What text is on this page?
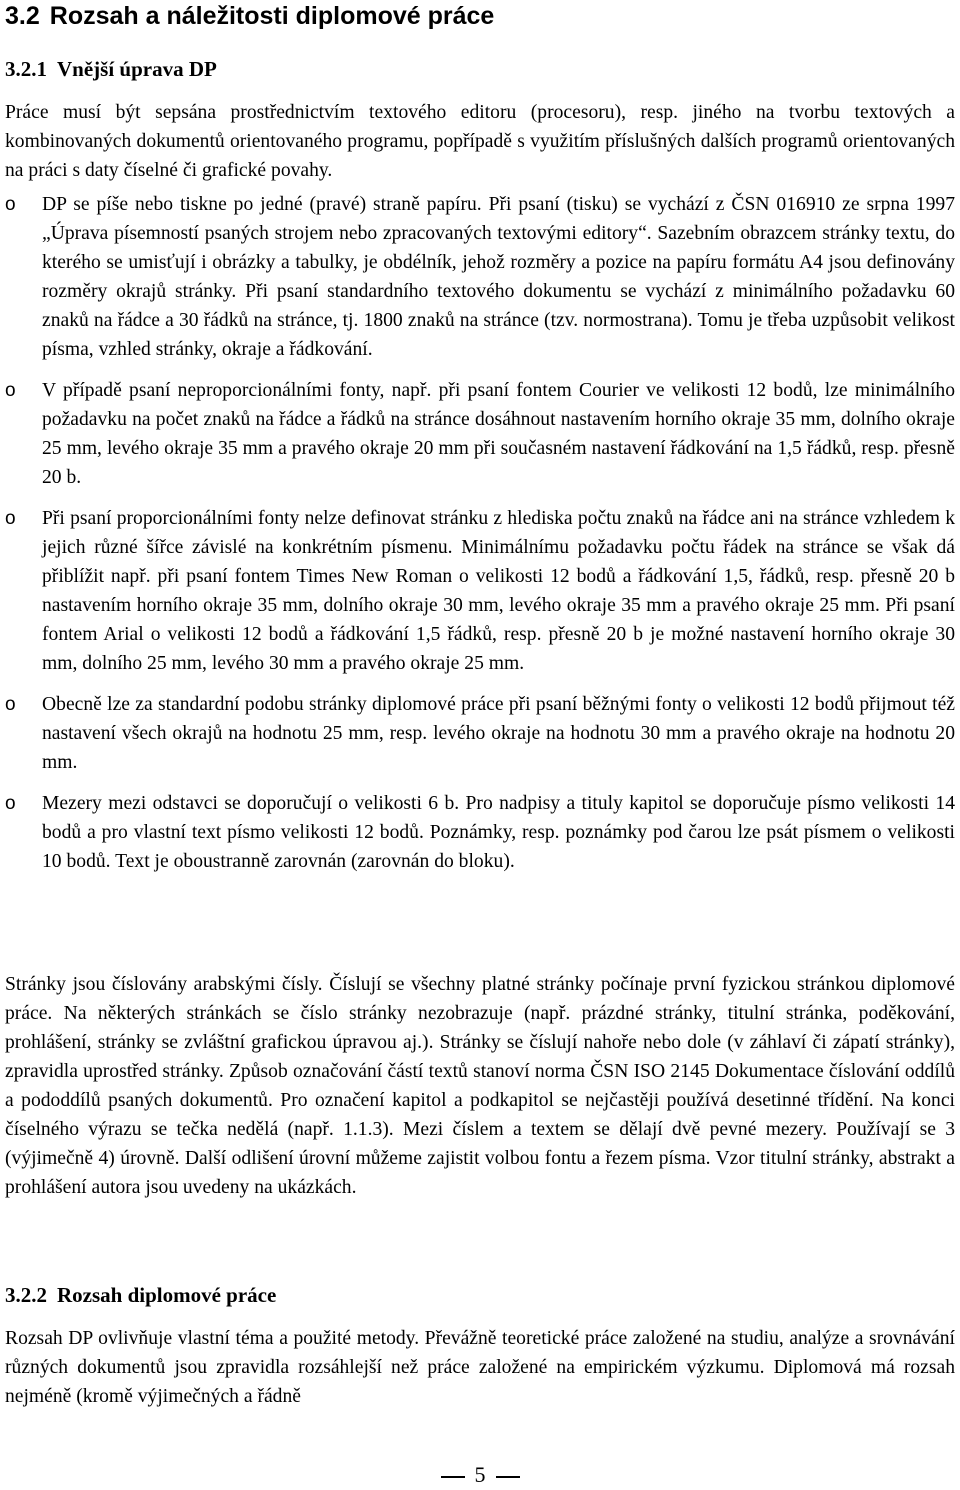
3.2 Rozsah a náležitosti diplomové práce
3.2.1 Vnější úprava DP

Práce musí být sepsána prostřednictvím textového editoru (procesoru), resp. jiného na tvorbu textových a kombinovaných dokumentů orientovaného programu, popřípadě s využitím příslušných dalších programů orientovaných na práci s daty číselné či grafické povahy.

o DP se píše nebo tiskne po jedné (pravé) straně papíru. Při psaní (tisku) se vychází z ČSN 016910 ze srpna 1997 „Úprava písemností psaných strojem nebo zpracovaných textovými editory“. Sazebním obrazcem stránky textu, do kterého se umisťují i obrázky a tabulky, je obdélník, jehož rozměry a pozice na papíru formátu A4 jsou definovány rozměry okrajů stránky. Při psaní standardního textového dokumentu se vychází z minimálního požadavku 60 znaků na řádce a 30 řádků na stránce, tj. 1800 znaků na stránce (tzv. normostrana). Tomu je třeba uzpůsobit velikost písma, vzhled stránky, okraje a řádkování.
o V případě psaní neproporcionálními fonty, např. při psaní fontem Courier ve velikosti 12 bodů, lze minimálního požadavku na počet znaků na řádce a řádků na stránce dosáhnout nastavením horního okraje 35 mm, dolního okraje 25 mm, levého okraje 35 mm a pravého okraje 20 mm při současném nastavení řádkování na 1,5 řádků, resp. přesně 20 b.
o Při psaní proporcionálními fonty nelze definovat stránku z hlediska počtu znaků na řádce ani na stránce vzhledem k jejich různé šířce závislé na konkrétním písmenu. Minimálnímu požadavku počtu řádek na stránce se však dá přiblížit např. při psaní fontem Times New Roman o velikosti 12 bodů a řádkování 1,5, řádků, resp. přesně 20 b nastavením horního okraje 35 mm, dolního okraje 30 mm, levého okraje 35 mm a pravého okraje 25 mm. Při psaní fontem Arial o velikosti 12 bodů a řádkování 1,5 řádků, resp. přesně 20 b je možné nastavení horního okraje 30 mm, dolního 25 mm, levého 30 mm a pravého okraje 25 mm.
o Obecně lze za standardní podobu stránky diplomové práce při psaní běžnými fonty o velikosti 12 bodů přijmout též nastavení všech okrajů na hodnotu 25 mm, resp. levého okraje na hodnotu 30 mm a pravého okraje na hodnotu 20 mm.
o Mezery mezi odstavci se doporučují o velikosti 6 b. Pro nadpisy a tituly kapitol se doporučuje písmo velikosti 14 bodů a pro vlastní text písmo velikosti 12 bodů. Poznámky, resp. poznámky pod čarou lze psát písmem o velikosti 10 bodů. Text je oboustranně zarovnán (zarovnán do bloku).

Stránky jsou číslovány arabskými čísly. Číslují se všechny platné stránky počínaje první fyzickou stránkou diplomové práce. Na některých stránkách se číslo stránky nezobrazuje (např. prázdné stránky, titulní stránka, poděkování, prohlášení, stránky se zvláštní grafickou úpravou aj.). Stránky se číslují nahoře nebo dole (v záhlaví či zápatí stránky), zpravidla uprostřed stránky. Způsob označování částí textů stanoví norma ČSN ISO 2145 Dokumentace číslování oddílů a pododdílů psaných dokumentů. Pro označení kapitol a podkapitol se nejčastěji používá desetinné třídění. Na konci číselného výrazu se tečka nedělá (např. 1.1.3). Mezi číslem a textem se dělají dvě pevné mezery. Používají se 3 (výjimečně 4) úrovně. Další odlišení úrovní můžeme zajistit volbou fontu a řezem písma. Vzor titulní stránky, abstrakt a prohlášení autora jsou uvedeny na ukázkách.

3.2.2 Rozsah diplomové práce

Rozsah DP ovlivňuje vlastní téma a použité metody. Převážně teoretické práce založené na studiu, analýze a srovnávání různých dokumentů jsou zpravidla rozsáhlejší než práce založené na empirickém výzkumu. Diplomová má rozsah nejméně (kromě výjimečných a řádně

5
